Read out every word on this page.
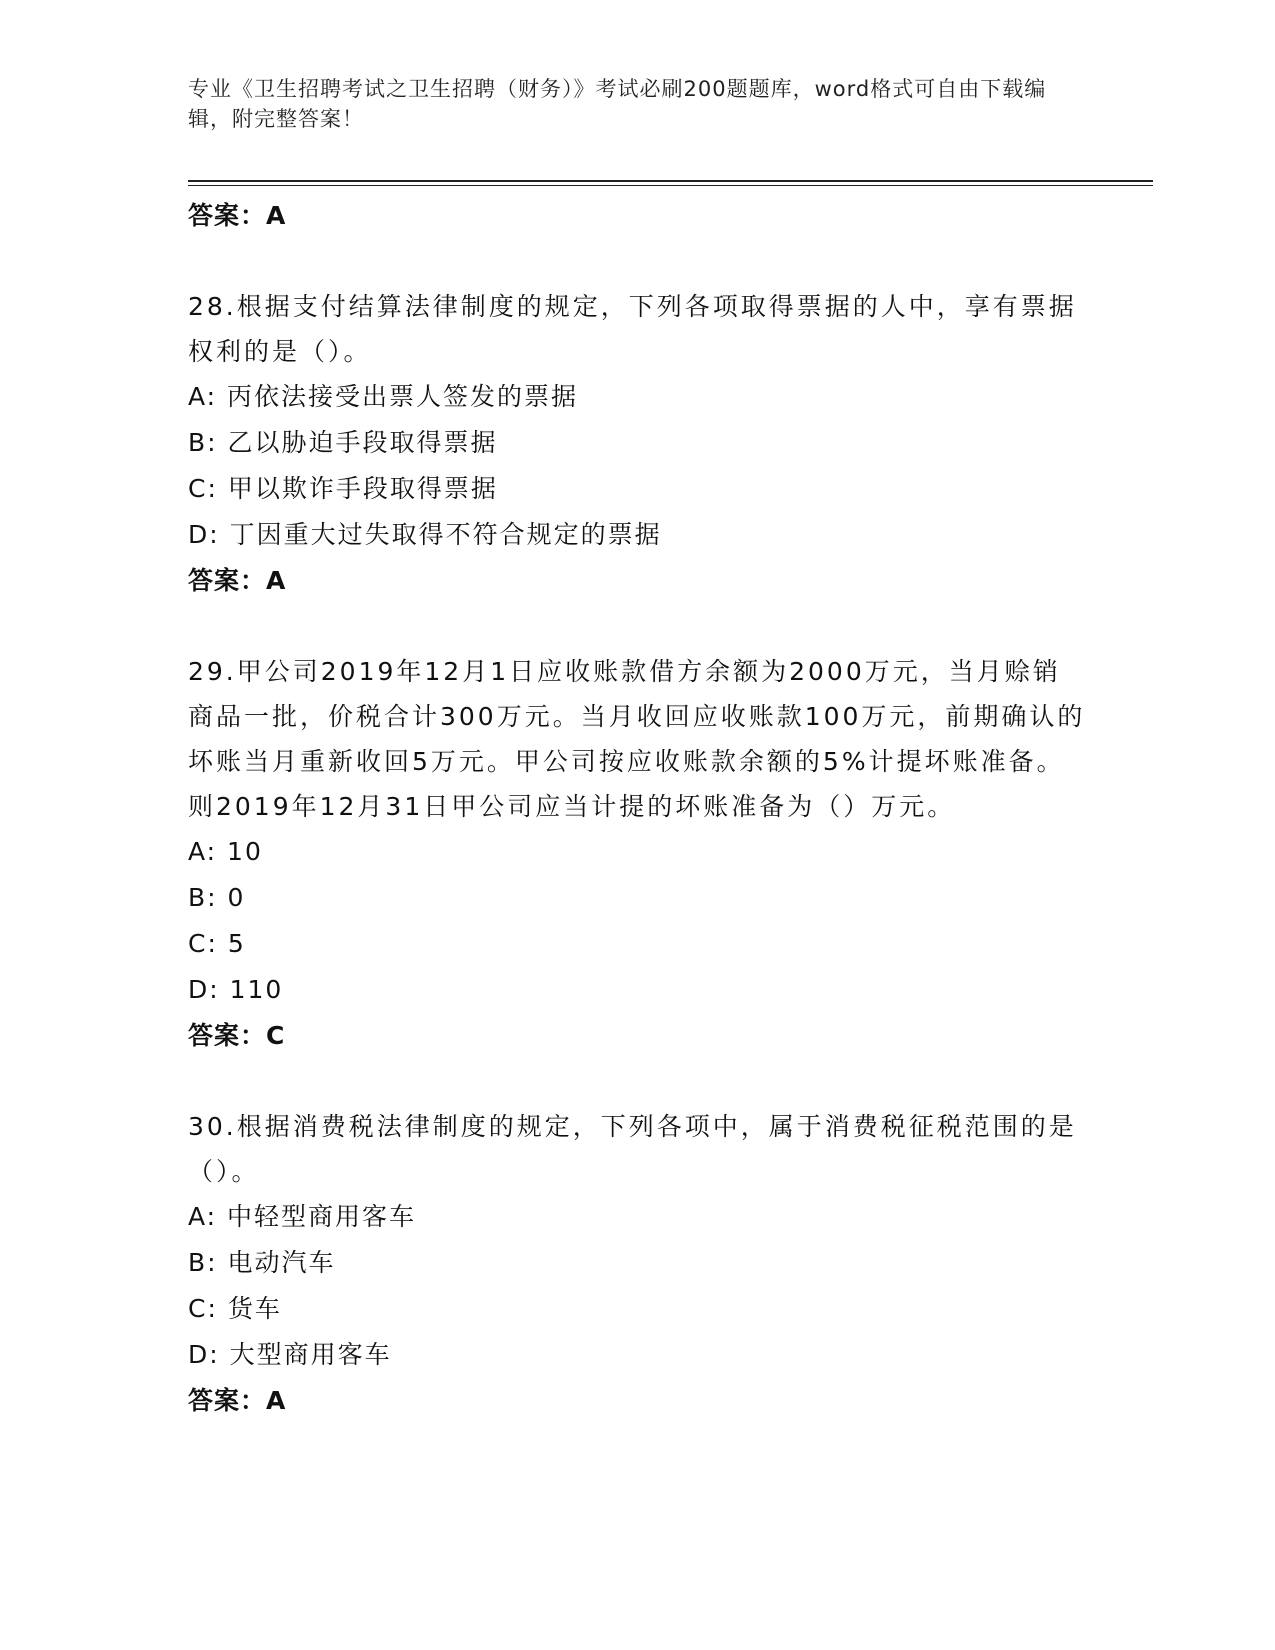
专业《卫生招聘考试之卫生招聘（财务）》考试必刷200题题库，word格式可自由下载编辑，附完整答案！
答案：A
28.根据支付结算法律制度的规定，下列各项取得票据的人中，享有票据权利的是（）。
A: 丙依法接受出票人签发的票据
B: 乙以胁迫手段取得票据
C: 甲以欺诈手段取得票据
D: 丁因重大过失取得不符合规定的票据
答案：A
29.甲公司2019年12月1日应收账款借方余额为2000万元，当月赊销商品一批，价税合计300万元。当月收回应收账款100万元，前期确认的坏账当月重新收回5万元。甲公司按应收账款余额的5%计提坏账准备。则2019年12月31日甲公司应当计提的坏账准备为（）万元。
A: 10
B: 0
C: 5
D: 110
答案：C
30.根据消费税法律制度的规定，下列各项中，属于消费税征税范围的是（）。
A: 中轻型商用客车
B: 电动汽车
C: 货车
D: 大型商用客车
答案：A
